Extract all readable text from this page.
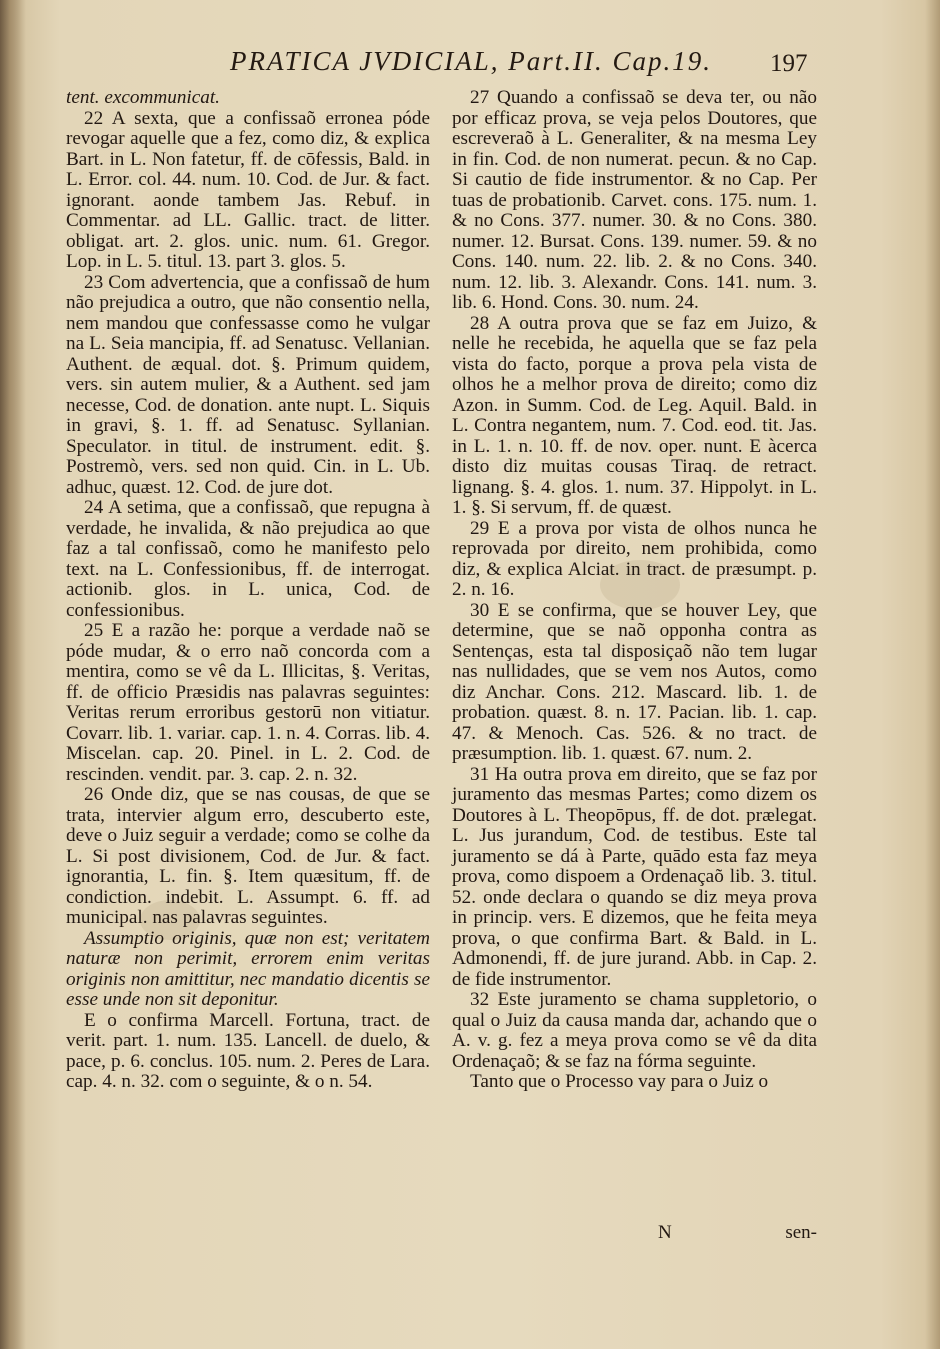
PRATICA JVDICIAL, Part.II. Cap.19. 197

tent. excommunicat.

22 A sexta, que a confissaõ erronea póde revogar aquelle que a fez, como diz, & explica Bart. in L. Non fatetur, ff. de cōfessis, Bald. in L. Error. col. 44. num. 10. Cod. de Jur. & fact. ignorant. aonde tambem Jas. Rebuf. in Commentar. ad LL. Gallic. tract. de litter. obligat. art. 2. glos. unic. num. 61. Gregor. Lop. in L. 5. titul. 13. part 3. glos. 5.

23 Com advertencia, que a confissaõ de hum não prejudica a outro, que não consentio nella, nem mandou que confessasse como he vulgar na L. Seia mancipia, ff. ad Senatusc. Vellanian. Authent. de æqual. dot. §. Primum quidem, vers. sin autem mulier, & a Authent. sed jam necesse, Cod. de donation. ante nupt. L. Siquis in gravi, §. 1. ff. ad Senatusc. Syllanian. Speculator. in titul. de instrument. edit. §. Postremò, vers. sed non quid. Cin. in L. Ub. adhuc, quæst. 12. Cod. de jure dot.

24 A setima, que a confissaõ, que repugna à verdade, he invalida, & não prejudica ao que faz a tal confissaõ, como he manifesto pelo text. na L. Confessionibus, ff. de interrogat. actionib. glos. in L. unica, Cod. de confessionibus.

25 E a razão he: porque a verdade naõ se póde mudar, & o erro naõ concorda com a mentira, como se vê da L. Illicitas, §. Veritas, ff. de officio Præsidis nas palavras seguintes: Veritas rerum erroribus gestorū non vitiatur. Covarr. lib. 1. variar. cap. 1. n. 4. Corras. lib. 4. Miscelan. cap. 20. Pinel. in L. 2. Cod. de rescinden. vendit. par. 3. cap. 2. n. 32.

26 Onde diz, que se nas cousas, de que se trata, intervier algum erro, descuberto este, deve o Juiz seguir a verdade; como se colhe da L. Si post divisionem, Cod. de Jur. & fact. ignorantia, L. fin. §. Item quæsitum, ff. de condiction. indebit. L. Assumpt. 6. ff. ad municipal. nas palavras seguintes.

Assumptio originis, quæ non est; veritatem naturæ non perimit, errorem enim veritas originis non amittitur, nec mandatio dicentis se esse unde non sit deponitur.

E o confirma Marcell. Fortuna, tract. de verit. part. 1. num. 135. Lancell. de duelo, & pace, p. 6. conclus. 105. num. 2. Peres de Lara. cap. 4. n. 32. com o seguinte, & o n. 54.

27 Quando a confissaõ se deva ter, ou não por efficaz prova, se veja pelos Doutores, que escreveraõ à L. Generaliter, & na mesma Ley in fin. Cod. de non numerat. pecun. & no Cap. Si cautio de fide instrumentor. & no Cap. Per tuas de probationib. Carvet. cons. 175. num. 1. & no Cons. 377. numer. 30. & no Cons. 380. numer. 12. Bursat. Cons. 139. numer. 59. & no Cons. 140. num. 22. lib. 2. & no Cons. 340. num. 12. lib. 3. Alexandr. Cons. 141. num. 3. lib. 6. Hond. Cons. 30. num. 24.

28 A outra prova que se faz em Juizo, & nelle he recebida, he aquella que se faz pela vista do facto, porque a prova pela vista de olhos he a melhor prova de direito; como diz Azon. in Summ. Cod. de Leg. Aquil. Bald. in L. Contra negantem, num. 7. Cod. eod. tit. Jas. in L. 1. n. 10. ff. de nov. oper. nunt. E àcerca disto diz muitas cousas Tiraq. de retract. lignang. §. 4. glos. 1. num. 37. Hippolyt. in L. 1. §. Si servum, ff. de quæst.

29 E a prova por vista de olhos nunca he reprovada por direito, nem prohibida, como diz, & explica Alciat. in tract. de præsumpt. p. 2. n. 16.

30 E se confirma, que se houver Ley, que determine, que se naõ opponha contra as Sentenças, esta tal disposiçaõ não tem lugar nas nullidades, que se vem nos Autos, como diz Anchar. Cons. 212. Mascard. lib. 1. de probation. quæst. 8. n. 17. Pacian. lib. 1. cap. 47. & Menoch. Cas. 526. & no tract. de præsumption. lib. 1. quæst. 67. num. 2.

31 Ha outra prova em direito, que se faz por juramento das mesmas Partes; como dizem os Doutores à L. Theopōpus, ff. de dot. prælegat. L. Jus jurandum, Cod. de testibus. Este tal juramento se dá à Parte, quādo esta faz meya prova, como dispoem a Ordenaçaõ lib. 3. titul. 52. onde declara o quando se diz meya prova in princip. vers. E dizemos, que he feita meya prova, o que confirma Bart. & Bald. in L. Admonendi, ff. de jure jurand. Abb. in Cap. 2. de fide instrumentor.

32 Este juramento se chama suppletorio, o qual o Juiz da causa manda dar, achando que o A. v. g. fez a meya prova como se vê da dita Ordenaçaõ; & se faz na fórma seguinte.

Tanto que o Processo vay para o Juiz o

N	sen-
